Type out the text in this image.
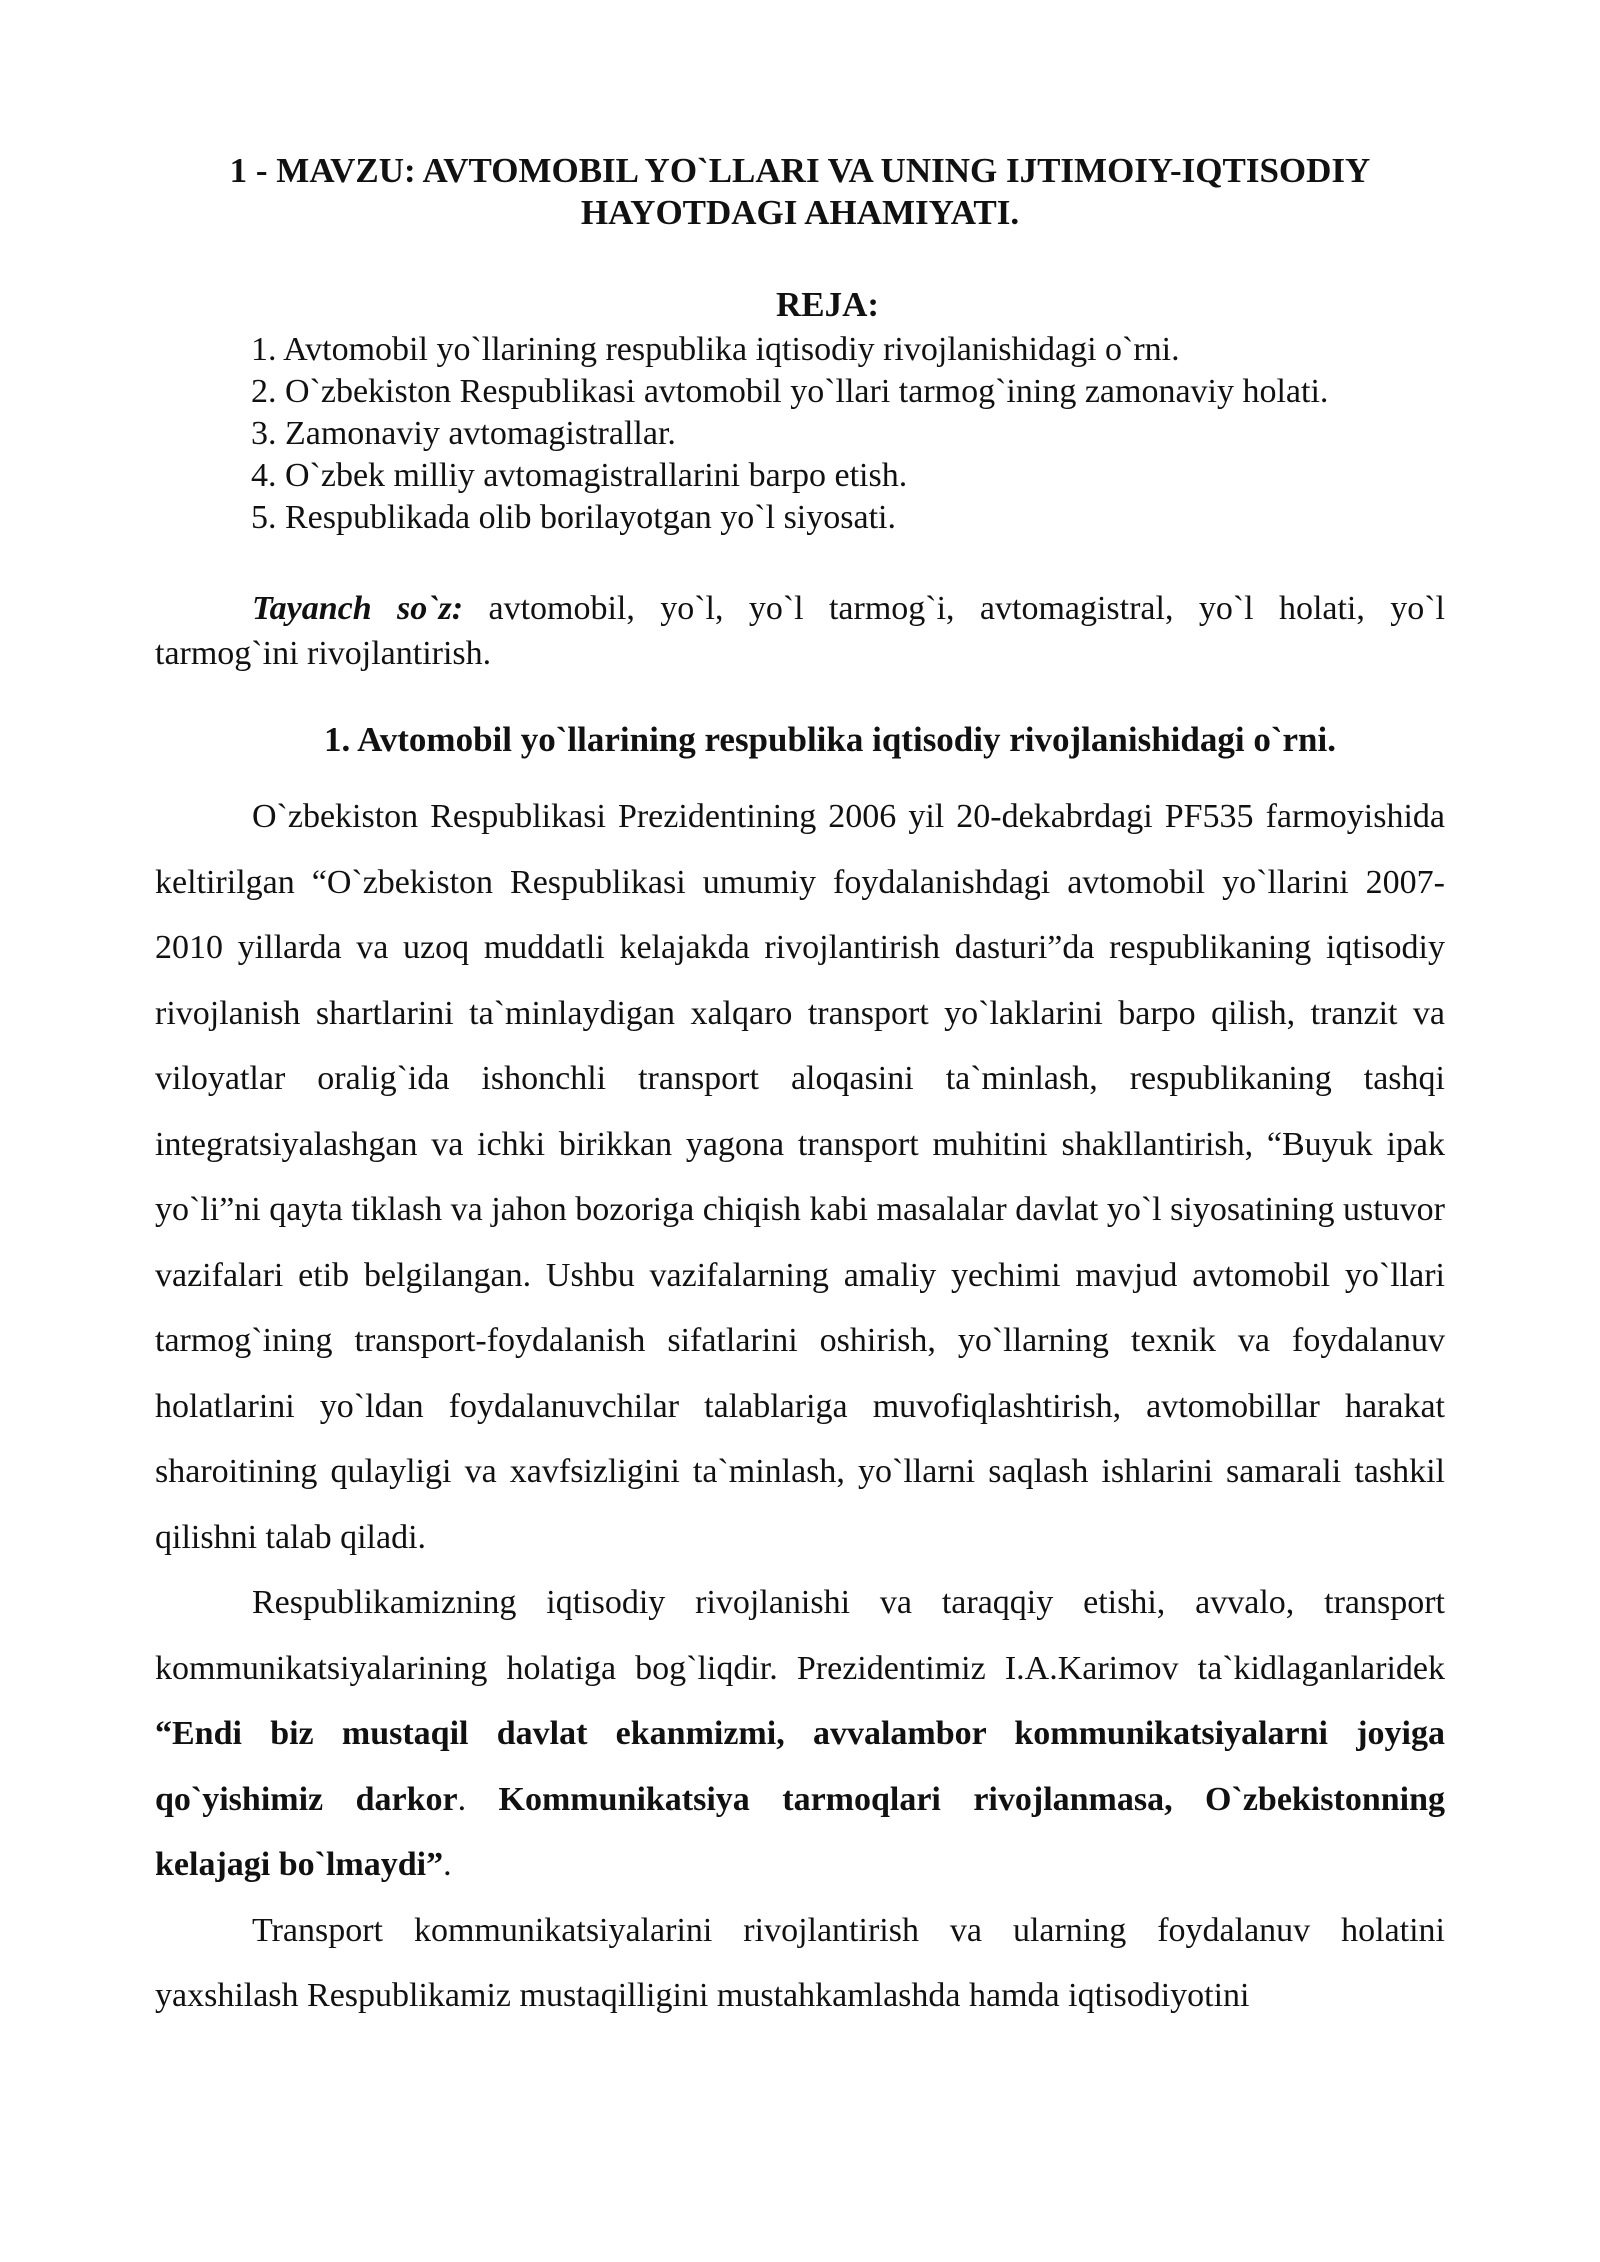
1 - MAVZU: AVTOMOBIL YO`LLARI VA UNING IJTIMOIY-IQTISODIY HAYOTDAGI AHAMIYATI.
REJA:
1. Avtomobil yo`llarining respublika iqtisodiy rivojlanishidagi o`rni.
2. O`zbekiston Respublikasi avtomobil yo`llari tarmog`ining zamonaviy holati.
3. Zamonaviy avtomagistrallar.
4. O`zbek milliy avtomagistrallarini barpo etish.
5. Respublikada olib borilayotgan yo`l siyosati.

Tayanch so`z: avtomobil, yo`l, yo`l tarmog`i, avtomagistral, yo`l holati, yo`l tarmog`ini rivojlantirish.

1. Avtomobil yo`llarining respublika iqtisodiy rivojlanishidagi o`rni.

O`zbekiston Respublikasi Prezidentining 2006 yil 20-dekabrdagi PF535 farmoyishida keltirilgan “O`zbekiston Respublikasi umumiy foydalanishdagi avtomobil yo`llarini 2007-2010 yillarda va uzoq muddatli kelajakda rivojlantirish dasturi”da respublikaning iqtisodiy rivojlanish shartlarini ta`minlaydigan xalqaro transport yo`laklarini barpo qilish, tranzit va viloyatlar oralig`ida ishonchli transport aloqasini ta`minlash, respublikaning tashqi integratsiyalashgan va ichki birikkan yagona transport muhitini shakllantirish, “Buyuk ipak yo`li”ni qayta tiklash va jahon bozoriga chiqish kabi masalalar davlat yo`l siyosatining ustuvor vazifalari etib belgilangan. Ushbu vazifalarning amaliy yechimi mavjud avtomobil yo`llari tarmog`ining transport-foydalanish sifatlarini oshirish, yo`llarning texnik va foydalanuv holatlarini yo`ldan foydalanuvchilar talablariga muvofiqlashtirish, avtomobillar harakat sharoitining qulayligi va xavfsizligini ta`minlash, yo`llarni saqlash ishlarini samarali tashkil qilishni talab qiladi.

Respublikamizning iqtisodiy rivojlanishi va taraqqiy etishi, avvalo, transport kommunikatsiyalarining holatiga bog`liqdir. Prezidentimiz I.A.Karimov ta`kidlaganlaridek “Endi biz mustaqil davlat ekanmizmi, avvalambor kommunikatsiyalarni joyiga qo`yishimiz darkor. Kommunikatsiya tarmoqlari rivojlanmasa, O`zbekistonning kelajagi bo`lmaydi”.

Transport kommunikatsiyalarini rivojlantirish va ularning foydalanuv holatini yaxshilash Respublikamiz mustaqilligini mustahkamlashda hamda iqtisodiyotini
